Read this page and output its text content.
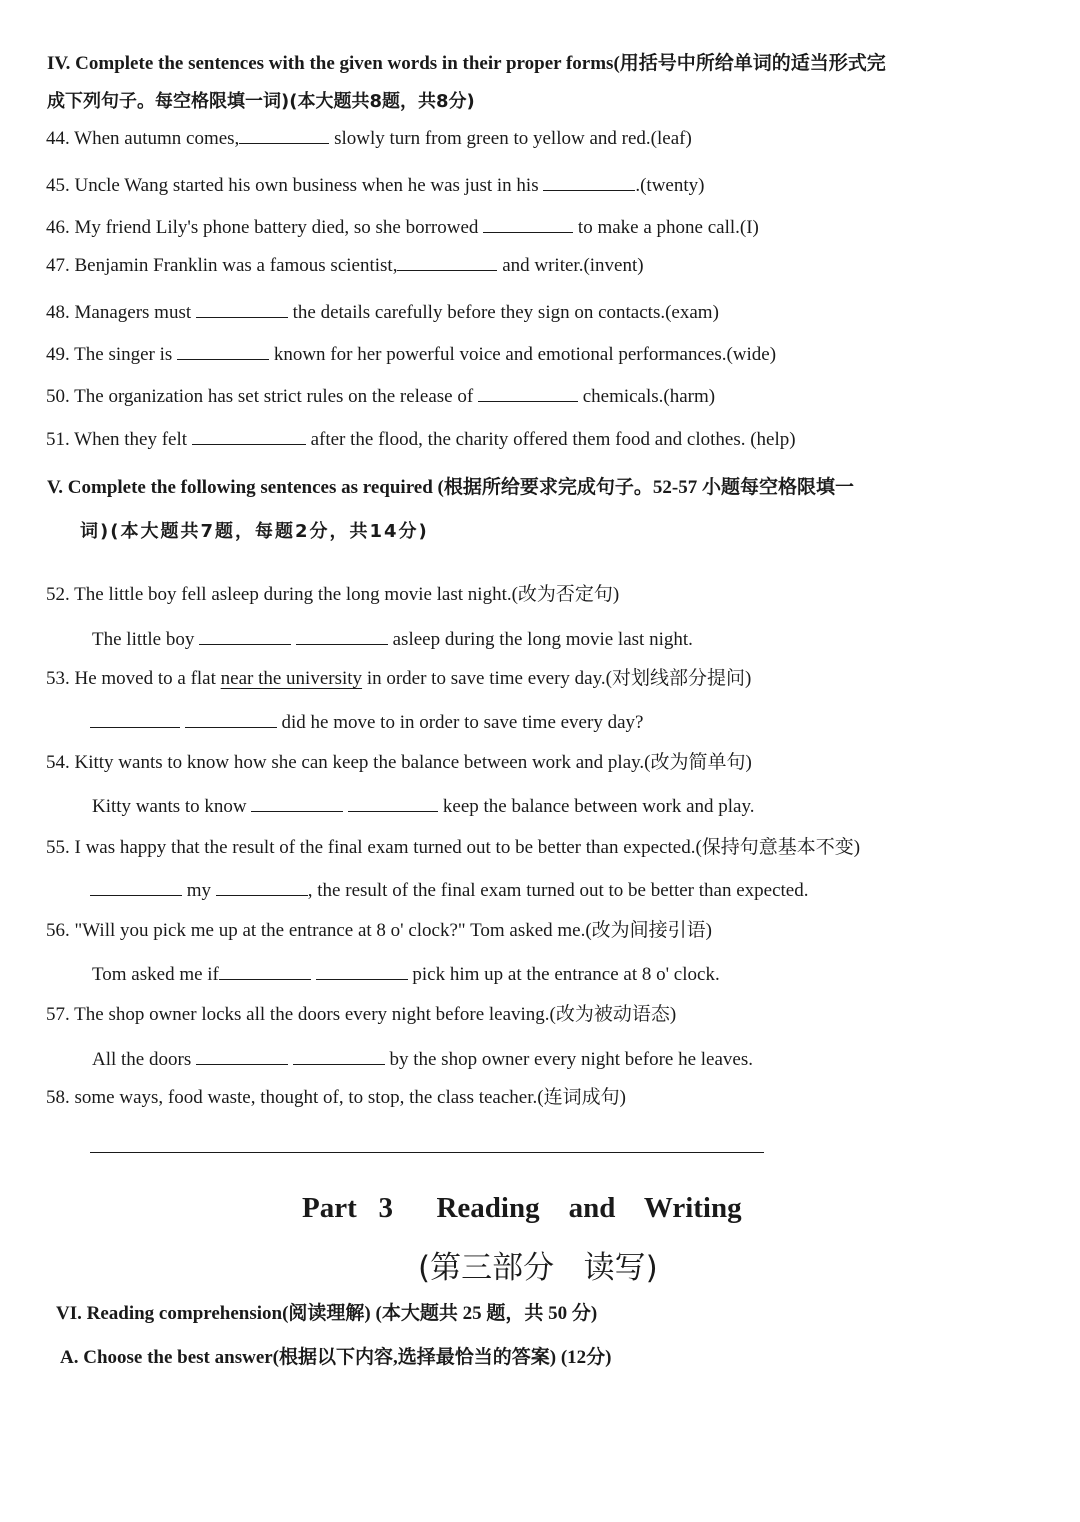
IV. Complete the sentences with the given words in their proper forms(用括号中所给单词的适当形式完
成下列句子。每空格限填一词)(本大题共8题，共8分)
44. When autumn comes,	slowly turn from green to yellow and red.(leaf)
45. Uncle Wang started his own business when he was just in his	.(twenty)
46. My friend Lily's phone battery died, so she borrowed	to make a phone call.(I)
47. Benjamin Franklin was a famous scientist,	and writer.(invent)
48. Managers must	the details carefully before they sign on contacts.(exam)
49. The singer is	known for her powerful voice and emotional performances.(wide)
50. The organization has set strict rules on the release of	chemicals.(harm)
51. When they felt	after the flood, the charity offered them food and clothes. (help)
V. Complete the following sentences as required (根据所给要求完成句子。52-57 小题每空格限填一
词)(本大题共7题，每题2分，共14分)
52. The little boy fell asleep during the long movie last night.(改为否定句)
The little boy	asleep during the long movie last night.
53. He moved to a flat near the university in order to save time every day.(对划线部分提问)
did he move to in order to save time every day?
54. Kitty wants to know how she can keep the balance between work and play.(改为简单句)
Kitty wants to know	keep the balance between work and play.
55. I was happy that the result of the final exam turned out to be better than expected.(保持句意基本不变)
my	, the result of the final exam turned out to be better than expected.
56. "Will you pick me up at the entrance at 8 o' clock?" Tom asked me.(改为间接引语)
Tom asked me if	pick him up at the entrance at 8 o' clock.
57. The shop owner locks all the doors every night before leaving.(改为被动语态)
All the doors	by the shop owner every night before he leaves.
58. some ways, food waste, thought of, to stop, the class teacher.(连词成句)
Part   3      Reading    and    Writing
(第三部分   读写)
VI. Reading comprehension(阅读理解) (本大题共 25 题，共 50 分)
A. Choose the best answer(根据以下内容,选择最恰当的答案) (12分)
